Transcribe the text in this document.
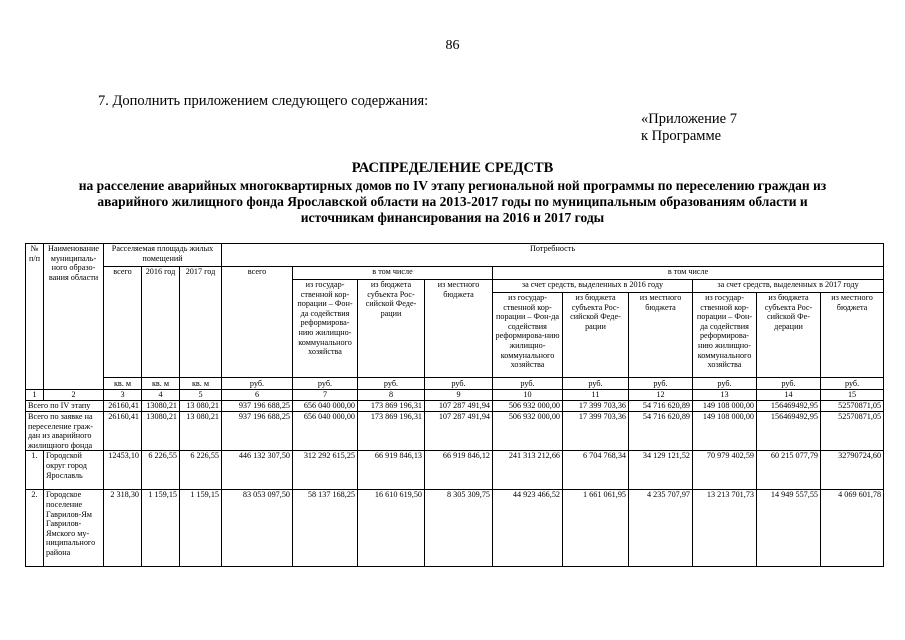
86
7. Дополнить приложением следующего содержания:
«Приложение 7
к Программе
РАСПРЕДЕЛЕНИЕ СРЕДСТВ
на расселение аварийных многоквартирных домов по IV этапу региональной ной программы по переселению граждан из аварийного жилищного фонда Ярославской области на 2013-2017 годы по муниципальным образованиям области и источникам финансирования на 2016 и 2017 годы
№ п/п	Наименование муниципаль-ного образо-вания области	Расселяемая площадь жилых помещений			Потребность									
		всего	2016 год	2017 год	всего	в том числе			в том числе					
						из государ-ственной кор-порации – Фон-да содействия реформирова-нию жилищно-коммунального хозяйства	из бюджета субъекта Рос-сийской Феде-рации	из местного бюджета	за счет средств, выделенных в 2016 году			за счет средств, выделенных в 2017 году		
									из государ-ственной кор-порации – Фон-да содействия реформирова-нию жилищно-коммунального хозяйства	из бюджета субъекта Рос-сийской Феде-рации	из местного бюджета	из государ-ственной кор-порации – Фон-да содействия реформирова-нию жилищно-коммунального хозяйства	из бюджета субъекта Рос-сийской Фе-дерации	из местного бюджета
		кв. м	кв. м	кв. м	руб.	руб.	руб.	руб.	руб.	руб.	руб.	руб.	руб.	руб.
1	2	3	4	5	6	7	8	9	10	11	12	13	14	15
Всего по IV этапу		26160,41	13080,21	13 080,21	937 196 688,25	656 040 000,00	173 869 196,31	107 287 491,94	506 932 000,00	17 399 703,36	54 716 620,89	149 108 000,00	156469492,95	52570871,05
Всего по заявке на переселение граж-дан из аварийного жилищного фонда		26160,41	13080,21	13 080,21	937 196 688,25	656 040 000,00	173 869 196,31	107 287 491,94	506 932 000,00	17 399 703,36	54 716 620,89	149 108 000,00	156469492,95	52570871,05
1.	Городской округ город Ярославль	12453,10	6 226,55	6 226,55	446 132 307,50	312 292 615,25	66 919 846,13	66 919 846,12	241 313 212,66	6 704 768,34	34 129 121,52	70 979 402,59	60 215 077,79	32790724,60
2.	Городское поселение Гаврилов-Ям Гаврилов-Ямского му-ниципального района	2 318,30	1 159,15	1 159,15	83 053 097,50	58 137 168,25	16 610 619,50	8 305 309,75	44 923 466,52	1 661 061,95	4 235 707,97	13 213 701,73	14 949 557,55	4 069 601,78
